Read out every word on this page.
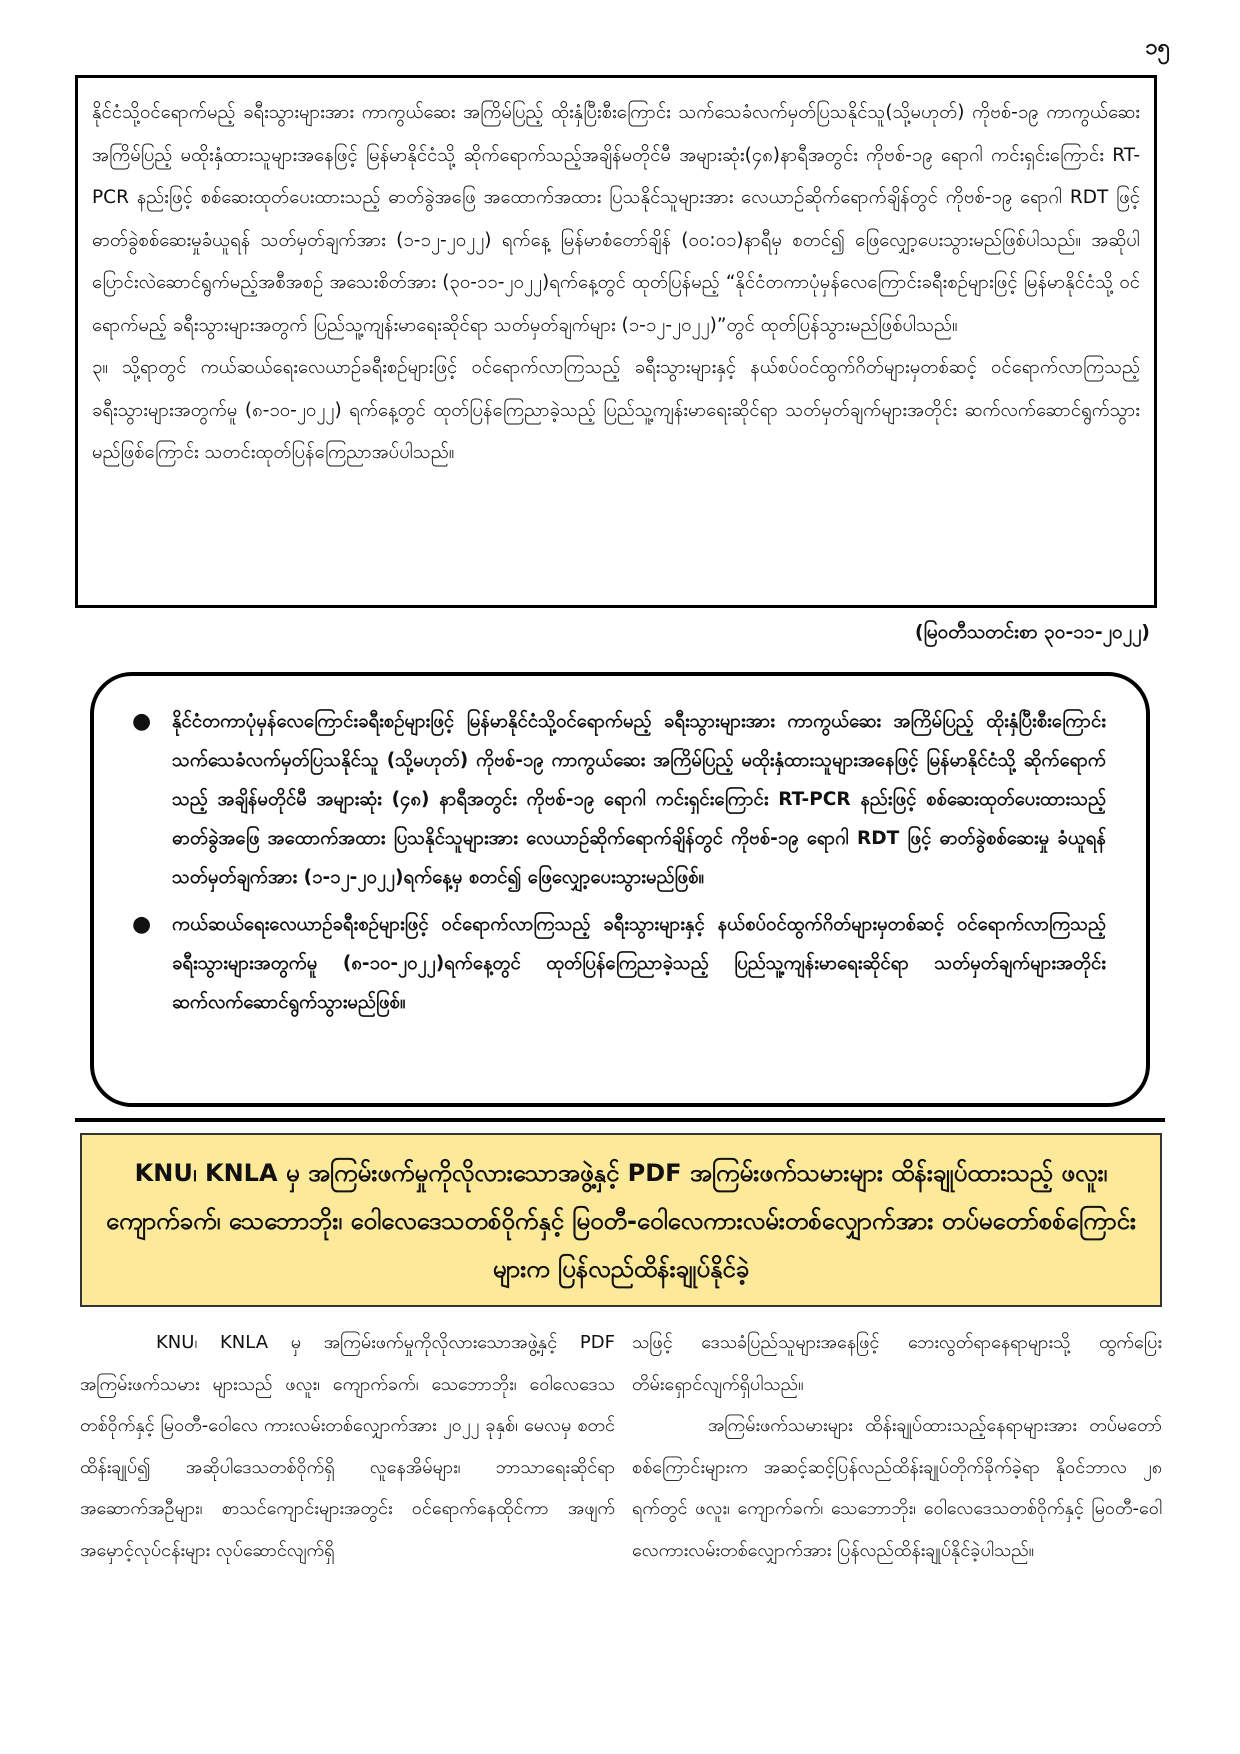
၁၅

နိုင်ငံသို့ဝင်ရောက်မည့် ခရီးသွားများအား ကာကွယ်ဆေး အကြိမ်ပြည့် ထိုးနှံပြီးစီးကြောင်း သက်သေခံလက်မှတ်ပြသနိုင်သူ(သို့မဟုတ်) ကိုဗစ်-၁၉ ကာကွယ်ဆေး အကြိမ်ပြည့် မထိုးနှံထားသူများအနေဖြင့် မြန်မာနိုင်ငံသို့ ဆိုက်ရောက်သည့်အချိန်မတိုင်မီ အများဆုံး(၄၈)နာရီအတွင်း ကိုဗစ်-၁၉ ရောဂါ ကင်းရှင်းကြောင်း RT-PCR နည်းဖြင့် စစ်ဆေးထုတ်ပေးထားသည့် ဓာတ်ခွဲအဖြေ အထောက်အထား ပြသနိုင်သူများအား လေယာဉ်ဆိုက်ရောက်ချိန်တွင် ကိုဗစ်-၁၉ ရောဂါ RDT ဖြင့် ဓာတ်ခွဲစစ်ဆေးမှုခံယူရန် သတ်မှတ်ချက်အား (၁-၁၂-၂၀၂၂) ရက်နေ့ မြန်မာစံတော်ချိန် (၀၀:၀၁)နာရီမှ စတင်၍ ဖြေလျှော့ပေးသွားမည်ဖြစ်ပါသည်။ အဆိုပါပြောင်းလဲဆောင်ရွက်မည့်အစီအစဉ် အသေးစိတ်အား (၃၀-၁၁-၂၀၂၂)ရက်နေ့တွင် ထုတ်ပြန်မည့် “နိုင်ငံတကာပုံမှန်လေကြောင်းခရီးစဉ်များဖြင့် မြန်မာနိုင်ငံသို့ ဝင်ရောက်မည့် ခရီးသွားများအတွက် ပြည်သူ့ကျန်းမာရေးဆိုင်ရာ သတ်မှတ်ချက်များ (၁-၁၂-၂၀၂၂)”တွင် ထုတ်ပြန်သွားမည်ဖြစ်ပါသည်။

၃။ သို့ရာတွင် ကယ်ဆယ်ရေးလေယာဉ်ခရီးစဉ်များဖြင့် ဝင်ရောက်လာကြသည့် ခရီးသွားများနှင့် နယ်စပ်ဝင်ထွက်ဂိတ်များမှတစ်ဆင့် ဝင်ရောက်လာကြသည့် ခရီးသွားများအတွက်မူ (၈-၁၀-၂၀၂၂) ရက်နေ့တွင် ထုတ်ပြန်ကြေညာခဲ့သည့် ပြည်သူ့ကျန်းမာရေးဆိုင်ရာ သတ်မှတ်ချက်များအတိုင်း ဆက်လက်ဆောင်ရွက်သွားမည်ဖြစ်ကြောင်း သတင်းထုတ်ပြန်ကြေညာအပ်ပါသည်။

(မြဝတီသတင်းစာ ၃၀-၁၁-၂၀၂၂)
● နိုင်ငံတကာပုံမှန်လေကြောင်းခရီးစဉ်များဖြင့် မြန်မာနိုင်ငံသို့ဝင်ရောက်မည့် ခရီးသွားများအား ကာကွယ်ဆေး အကြိမ်ပြည့် ထိုးနှံပြီးစီးကြောင်း သက်သေခံလက်မှတ်ပြသနိုင်သူ (သို့မဟုတ်) ကိုဗစ်-၁၉ ကာကွယ်ဆေး အကြိမ်ပြည့် မထိုးနှံထားသူများအနေဖြင့် မြန်မာနိုင်ငံသို့ ဆိုက်ရောက်သည့် အချိန်မတိုင်မီ အများဆုံး (၄၈) နာရီအတွင်း ကိုဗစ်-၁၉ ရောဂါ ကင်းရှင်းကြောင်း RT-PCR နည်းဖြင့် စစ်ဆေးထုတ်ပေးထားသည့် ဓာတ်ခွဲအဖြေ အထောက်အထား ပြသနိုင်သူများအား လေယာဉ်ဆိုက်ရောက်ချိန်တွင် ကိုဗစ်-၁၉ ရောဂါ RDT ဖြင့် ဓာတ်ခွဲစစ်ဆေးမှု ခံယူရန် သတ်မှတ်ချက်အား (၁-၁၂-၂၀၂၂)ရက်နေ့မှ စတင်၍ ဖြေလျှော့ပေးသွားမည်ဖြစ်။
● ကယ်ဆယ်ရေးလေယာဉ်ခရီးစဉ်များဖြင့် ဝင်ရောက်လာကြသည့် ခရီးသွားများနှင့် နယ်စပ်ဝင်ထွက်ဂိတ်များမှတစ်ဆင့် ဝင်ရောက်လာကြသည့် ခရီးသွားများအတွက်မူ (၈-၁၀-၂၀၂၂)ရက်နေ့တွင် ထုတ်ပြန်ကြေညာခဲ့သည့် ပြည်သူ့ကျန်းမာရေးဆိုင်ရာ သတ်မှတ်ချက်များအတိုင်း ဆက်လက်ဆောင်ရွက်သွားမည်ဖြစ်။
KNU၊ KNLA မှ အကြမ်းဖက်မှုကိုလိုလားသောအဖွဲ့နှင့် PDF အကြမ်းဖက်သမားများ ထိန်းချုပ်ထားသည့် ဖလူး၊ ကျောက်ခက်၊ သေဘောဘိုး၊ ဝေါလေဒေသတစ်ဝိုက်နှင့် မြဝတီ-ဝေါလေကားလမ်းတစ်လျှောက်အား တပ်မတော်စစ်ကြောင်းများက ပြန်လည်ထိန်းချုပ်နိုင်ခဲ့

KNU၊ KNLA မှ အကြမ်းဖက်မှုကိုလိုလားသောအဖွဲ့နှင့် PDF အကြမ်းဖက်သမား များသည် ဖလူး၊ ကျောက်ခက်၊ သေဘောဘိုး၊ ဝေါလေဒေသတစ်ဝိုက်နှင့် မြဝတီ-ဝေါလေ ကားလမ်းတစ်လျှောက်အား ၂၀၂၂ ခုနှစ်၊ မေလမှ စတင်ထိန်းချုပ်၍ အဆိုပါဒေသတစ်ဝိုက်ရှိ လူနေအိမ်များ၊ ဘာသာရေးဆိုင်ရာ အဆောက်အဦများ၊ စာသင်ကျောင်းများအတွင်း ဝင်ရောက်နေထိုင်ကာ အဖျက်အမှောင့်လုပ်ငန်းများ လုပ်ဆောင်လျက်ရှိ

သဖြင့် ဒေသခံပြည်သူများအနေဖြင့် ဘေးလွတ်ရာနေရာများသို့ ထွက်ပြေးတိမ်းရှောင်လျက်ရှိပါသည်။

အကြမ်းဖက်သမားများ ထိန်းချုပ်ထားသည့်နေရာများအား တပ်မတော်စစ်ကြောင်းများက အဆင့်ဆင့်ပြန်လည်ထိန်းချုပ်တိုက်ခိုက်ခဲ့ရာ နိုဝင်ဘာလ ၂၈ ရက်တွင် ဖလူး၊ ကျောက်ခက်၊ သေဘောဘိုး၊ ဝေါလေဒေသတစ်ဝိုက်နှင့် မြဝတီ-ဝေါလေကားလမ်းတစ်လျှောက်အား ပြန်လည်ထိန်းချုပ်နိုင်ခဲ့ပါသည်။
